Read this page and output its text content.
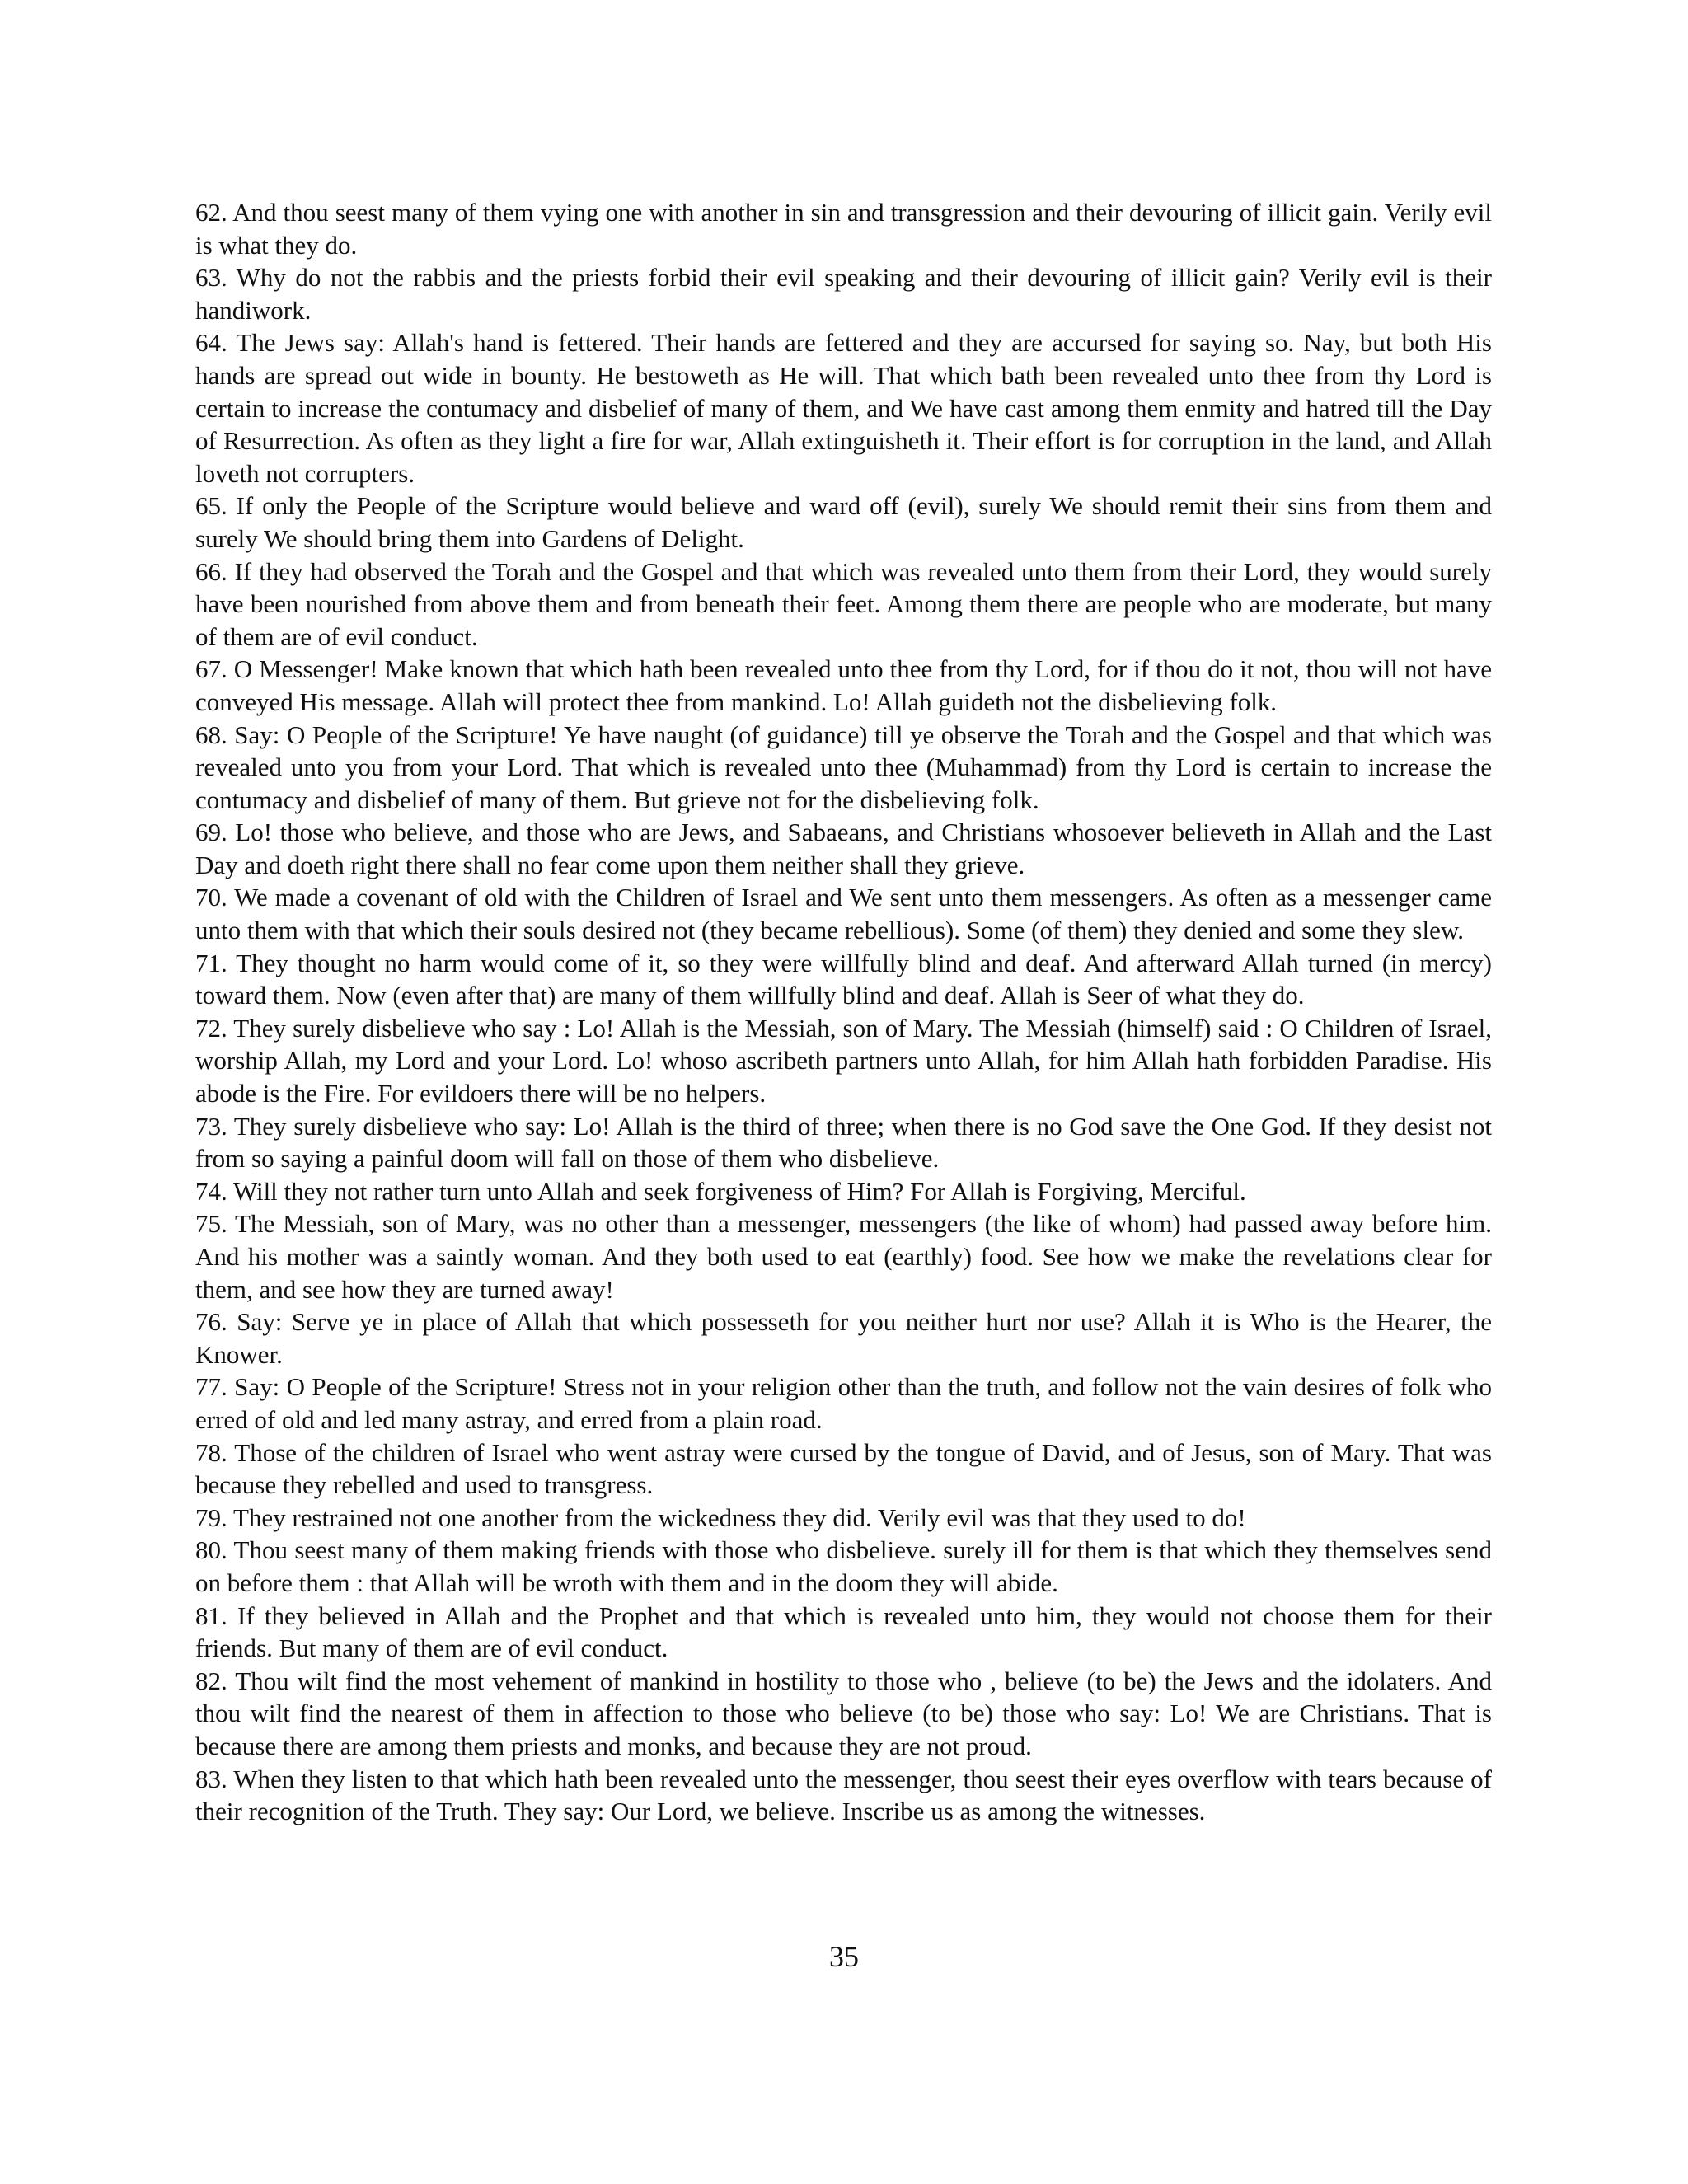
62. And thou seest many of them vying one with another in sin and transgression and their devouring of illicit gain. Verily evil is what they do.

63. Why do not the rabbis and the priests forbid their evil speaking and their devouring of illicit gain? Verily evil is their handiwork.

64. The Jews say: Allah's hand is fettered. Their hands are fettered and they are accursed for saying so. Nay, but both His hands are spread out wide in bounty. He bestoweth as He will. That which bath been revealed unto thee from thy Lord is certain to increase the contumacy and disbelief of many of them, and We have cast among them enmity and hatred till the Day of Resurrection. As often as they light a fire for war, Allah extinguisheth it. Their effort is for corruption in the land, and Allah loveth not corrupters.

65. If only the People of the Scripture would believe and ward off (evil), surely We should remit their sins from them and surely We should bring them into Gardens of Delight.

66. If they had observed the Torah and the Gospel and that which was revealed unto them from their Lord, they would surely have been nourished from above them and from beneath their feet. Among them there are people who are moderate, but many of them are of evil conduct.

67. O Messenger! Make known that which hath been revealed unto thee from thy Lord, for if thou do it not, thou will not have conveyed His message. Allah will protect thee from mankind. Lo! Allah guideth not the disbelieving folk.

68. Say: O People of the Scripture! Ye have naught (of guidance) till ye observe the Torah and the Gospel and that which was revealed unto you from your Lord. That which is revealed unto thee (Muhammad) from thy Lord is certain to increase the contumacy and disbelief of many of them. But grieve not for the disbelieving folk.

69. Lo! those who believe, and those who are Jews, and Sabaeans, and Christians whosoever believeth in Allah and the Last Day and doeth right there shall no fear come upon them neither shall they grieve.

70. We made a covenant of old with the Children of Israel and We sent unto them messengers. As often as a messenger came unto them with that which their souls desired not (they became rebellious). Some (of them) they denied and some they slew.

71. They thought no harm would come of it, so they were willfully blind and deaf. And afterward Allah turned (in mercy) toward them. Now (even after that) are many of them willfully blind and deaf. Allah is Seer of what they do.

72. They surely disbelieve who say : Lo! Allah is the Messiah, son of Mary. The Messiah (himself) said : O Children of Israel, worship Allah, my Lord and your Lord. Lo! whoso ascribeth partners unto Allah, for him Allah hath forbidden Paradise. His abode is the Fire. For evildoers there will be no helpers.

73. They surely disbelieve who say: Lo! Allah is the third of three; when there is no God save the One God. If they desist not from so saying a painful doom will fall on those of them who disbelieve.

74. Will they not rather turn unto Allah and seek forgiveness of Him? For Allah is Forgiving, Merciful.

75. The Messiah, son of Mary, was no other than a messenger, messengers (the like of whom) had passed away before him. And his mother was a saintly woman. And they both used to eat (earthly) food. See how we make the revelations clear for them, and see how they are turned away!

76. Say: Serve ye in place of Allah that which possesseth for you neither hurt nor use? Allah it is Who is the Hearer, the Knower.

77. Say: O People of the Scripture! Stress not in your religion other than the truth, and follow not the vain desires of folk who erred of old and led many astray, and erred from a plain road.

78. Those of the children of Israel who went astray were cursed by the tongue of David, and of Jesus, son of Mary. That was because they rebelled and used to transgress.

79. They restrained not one another from the wickedness they did. Verily evil was that they used to do!

80. Thou seest many of them making friends with those who disbelieve. surely ill for them is that which they themselves send on before them : that Allah will be wroth with them and in the doom they will abide.

81. If they believed in Allah and the Prophet and that which is revealed unto him, they would not choose them for their friends. But many of them are of evil conduct.

82. Thou wilt find the most vehement of mankind in hostility to those who , believe (to be) the Jews and the idolaters. And thou wilt find the nearest of them in affection to those who believe (to be) those who say: Lo! We are Christians. That is because there are among them priests and monks, and because they are not proud.

83. When they listen to that which hath been revealed unto the messenger, thou seest their eyes overflow with tears because of their recognition of the Truth. They say: Our Lord, we believe. Inscribe us as among the witnesses.

35
